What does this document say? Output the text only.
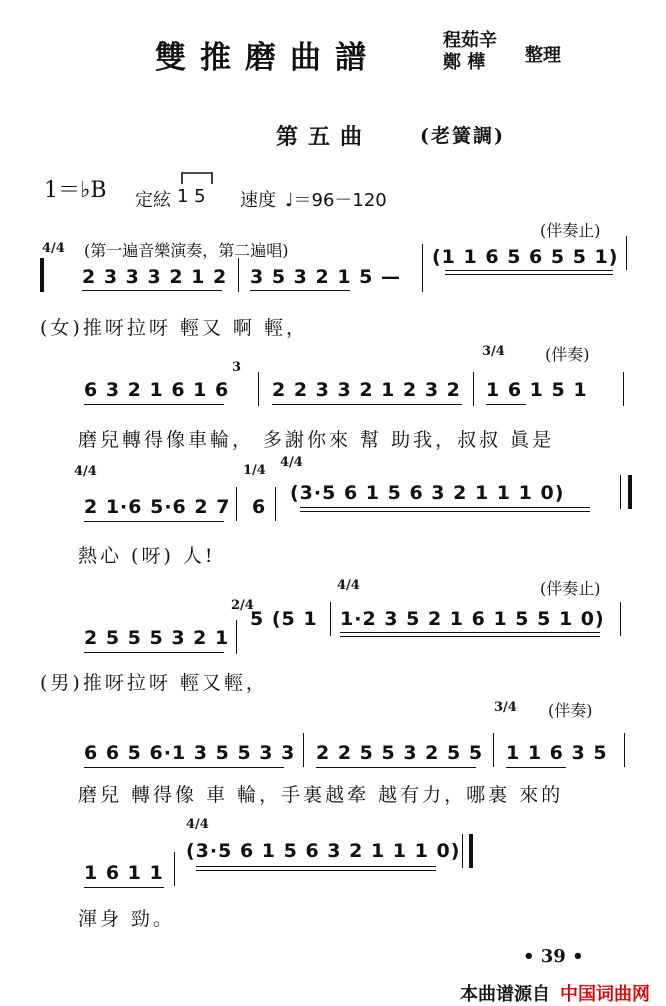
雙推磨曲譜	程茹辛
鄭 樺 整理
第五曲	(老簧調)
1＝♭B 定絃 1 5 速度 ♩＝96－120
(伴奏止)
4/4 (第一遍音樂演奏，第二遍唱)
2 3 3 3 2 1 2 3 5 3 2 1 5 —
(1 1 6 5 6 5 5 1)
(女)推呀拉呀 輕又 啊 輕，
3/4	(伴奏)
3
6 3 2 1 6 1 6 2 2 3 3 2 1 2 3 2 1 6 1 5 1
磨兒轉得像車輪， 多謝你來 幫 助我，叔叔 眞是
4/4
4/4	1/4
2 1·6 5·6 2 7 6
(3·5 6 1 5 6 3 2 1 1 1 0)
熱心 (呀) 人!
4/4	(伴奏止)
2/4
2 5 5 5 3 2 1
5 (5 1 1·2 3 5 2 1 6 1 5 5 1 0)
(男)推呀拉呀 輕又輕，
3/4 (伴奏)
6 6 5 6·1 3 5 5 3 3 2 2 5 5 3 2 5 5 1 1 6 3 5
磨兒 轉得像 車 輪，手裏越牽 越有力，哪裏 來的
4/4
1 6 1 1
(3·5 6 1 5 6 3 2 1 1 1 0)
渾身 勁。
• 39 •
本曲谱源自 中国词曲网
